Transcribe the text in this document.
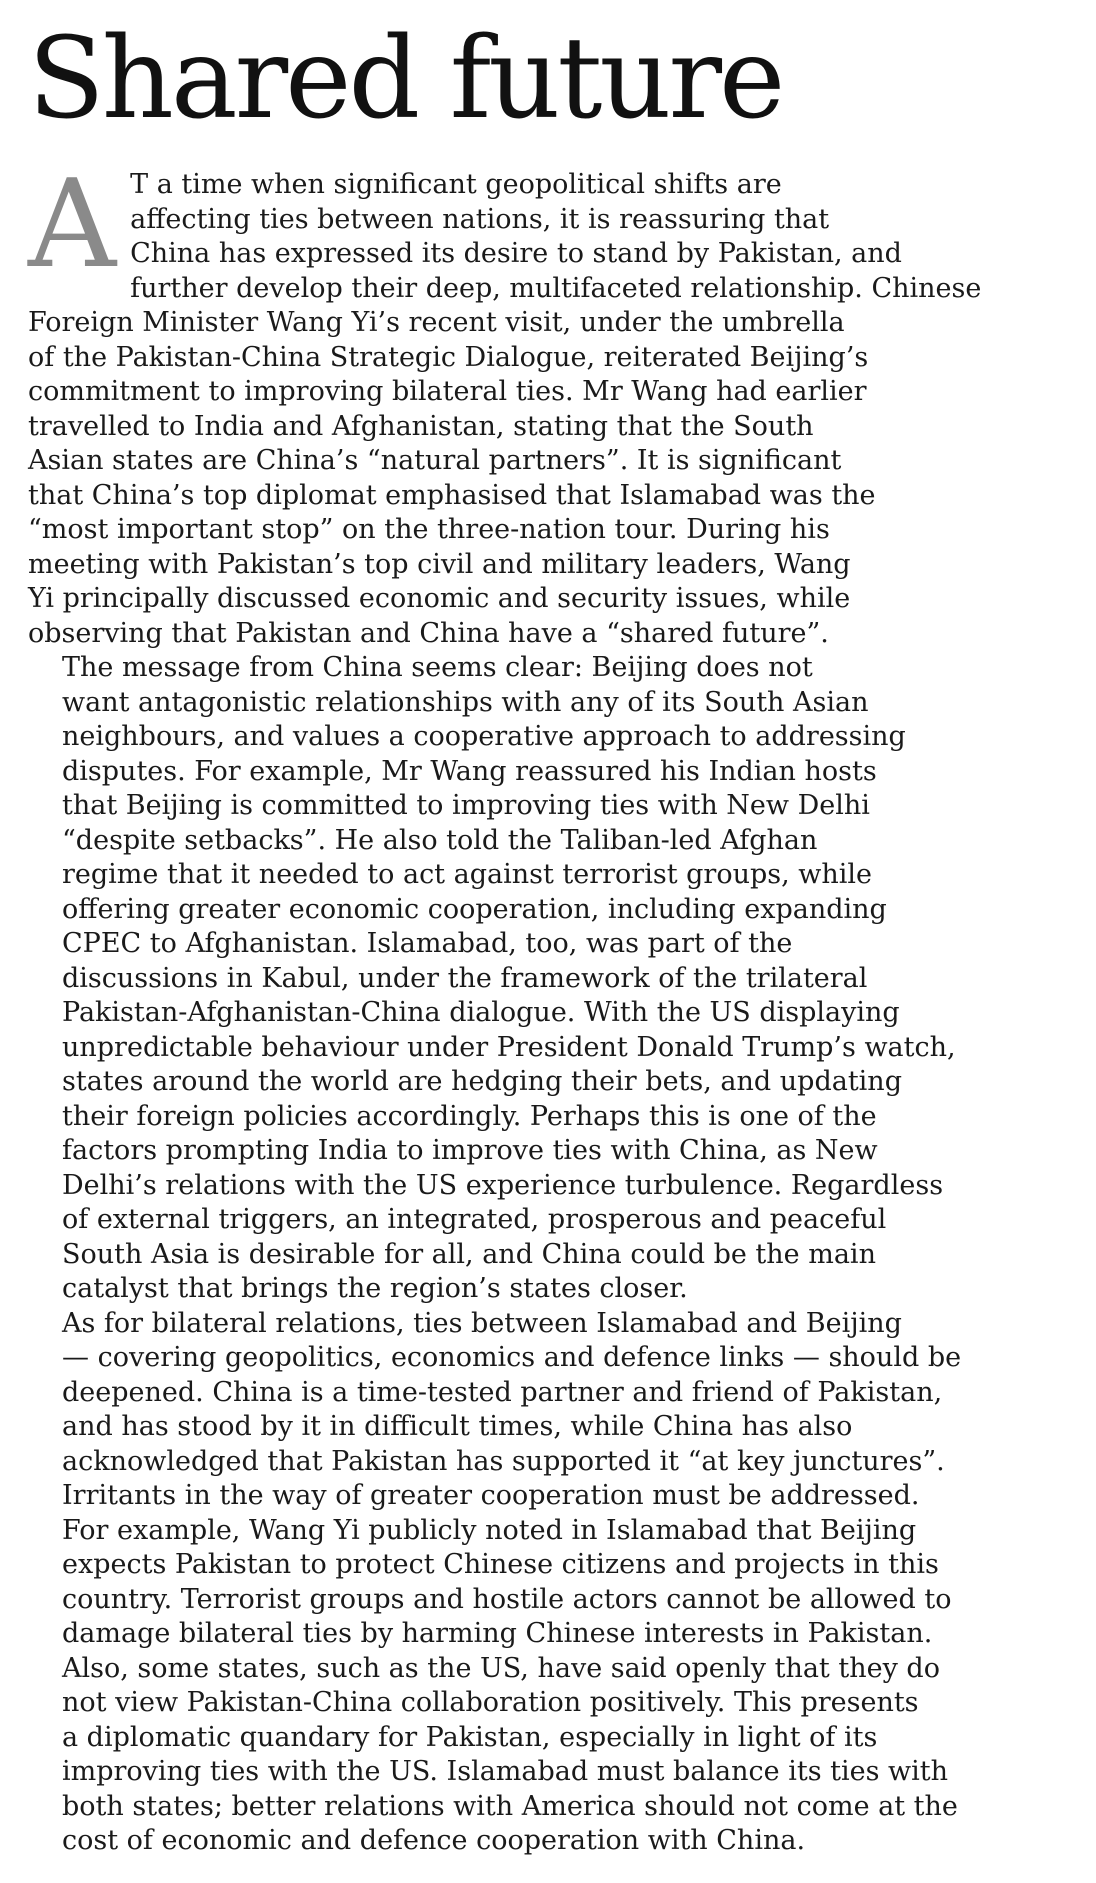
Shared future

A T a time when significant geopolitical shifts are
affecting ties between nations, it is reassuring that
China has expressed its desire to stand by Pakistan, and
further develop their deep, multifaceted relationship. Chinese
Foreign Minister Wang Yi’s recent visit, under the umbrella
of the Pakistan-China Strategic Dialogue, reiterated Beijing’s
commitment to improving bilateral ties. Mr Wang had earlier
travelled to India and Afghanistan, stating that the South
Asian states are China’s “natural partners”. It is significant
that China’s top diplomat emphasised that Islamabad was the
“most important stop” on the three-nation tour. During his
meeting with Pakistan’s top civil and military leaders, Wang
Yi principally discussed economic and security issues, while
observing that Pakistan and China have a “shared future”.

The message from China seems clear: Beijing does not
want antagonistic relationships with any of its South Asian
neighbours, and values a cooperative approach to addressing
disputes. For example, Mr Wang reassured his Indian hosts
that Beijing is committed to improving ties with New Delhi
“despite setbacks”. He also told the Taliban-led Afghan
regime that it needed to act against terrorist groups, while
offering greater economic cooperation, including expanding
CPEC to Afghanistan. Islamabad, too, was part of the
discussions in Kabul, under the framework of the trilateral
Pakistan-Afghanistan-China dialogue. With the US displaying
unpredictable behaviour under President Donald Trump’s watch,
states around the world are hedging their bets, and updating
their foreign policies accordingly. Perhaps this is one of the
factors prompting India to improve ties with China, as New
Delhi’s relations with the US experience turbulence. Regardless
of external triggers, an integrated, prosperous and peaceful
South Asia is desirable for all, and China could be the main
catalyst that brings the region’s states closer.

As for bilateral relations, ties between Islamabad and Beijing
— covering geopolitics, economics and defence links — should be
deepened. China is a time-tested partner and friend of Pakistan,
and has stood by it in difficult times, while China has also
acknowledged that Pakistan has supported it “at key junctures”.
Irritants in the way of greater cooperation must be addressed.
For example, Wang Yi publicly noted in Islamabad that Beijing
expects Pakistan to protect Chinese citizens and projects in this
country. Terrorist groups and hostile actors cannot be allowed to
damage bilateral ties by harming Chinese interests in Pakistan.
Also, some states, such as the US, have said openly that they do
not view Pakistan-China collaboration positively. This presents
a diplomatic quandary for Pakistan, especially in light of its
improving ties with the US. Islamabad must balance its ties with
both states; better relations with America should not come at the
cost of economic and defence cooperation with China.
